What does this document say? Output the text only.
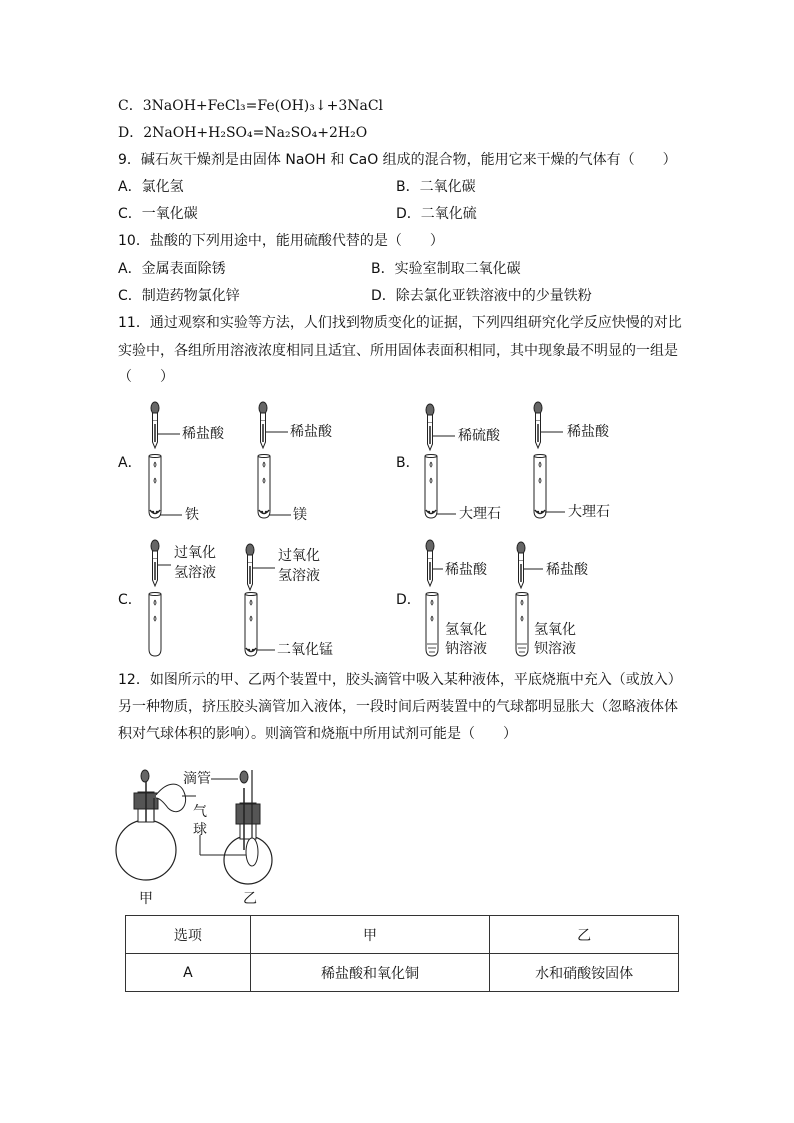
C．3NaOH+FeCl₃=Fe(OH)₃↓+3NaCl
D．2NaOH+H₂SO₄=Na₂SO₄+2H₂O
9．碱石灰干燥剂是由固体 NaOH 和 CaO 组成的混合物，能用它来干燥的气体有（　　）
A．氯化氢	B．二氧化碳
C．一氧化碳	D．二氧化硫
10．盐酸的下列用途中，能用硫酸代替的是（　　）
A．金属表面除锈	B．实验室制取二氧化碳
C．制造药物氯化锌	D．除去氯化亚铁溶液中的少量铁粉
11．通过观察和实验等方法，人们找到物质变化的证据，下列四组研究化学反应快慢的对比
实验中，各组所用溶液浓度相同且适宜、所用固体表面积相同，其中现象最不明显的一组是
（　　）
A．
稀盐酸	稀盐酸
铁	镁
B．
稀硫酸	稀盐酸
大理石	大理石
C．
过氧化
氢溶液
过氧化
氢溶液
二氧化锰
D．
稀盐酸	稀盐酸
氢氧化
钠溶液
氢氧化
钡溶液
12．如图所示的甲、乙两个装置中，胶头滴管中吸入某种液体，平底烧瓶中充入（或放入）
另一种物质，挤压胶头滴管加入液体，一段时间后两装置中的气球都明显胀大（忽略液体体
积对气球体积的影响）。则滴管和烧瓶中所用试剂可能是（　　）
滴管
气
球
甲	乙
选项	甲	乙
A	稀盐酸和氧化铜	水和硝酸铵固体
